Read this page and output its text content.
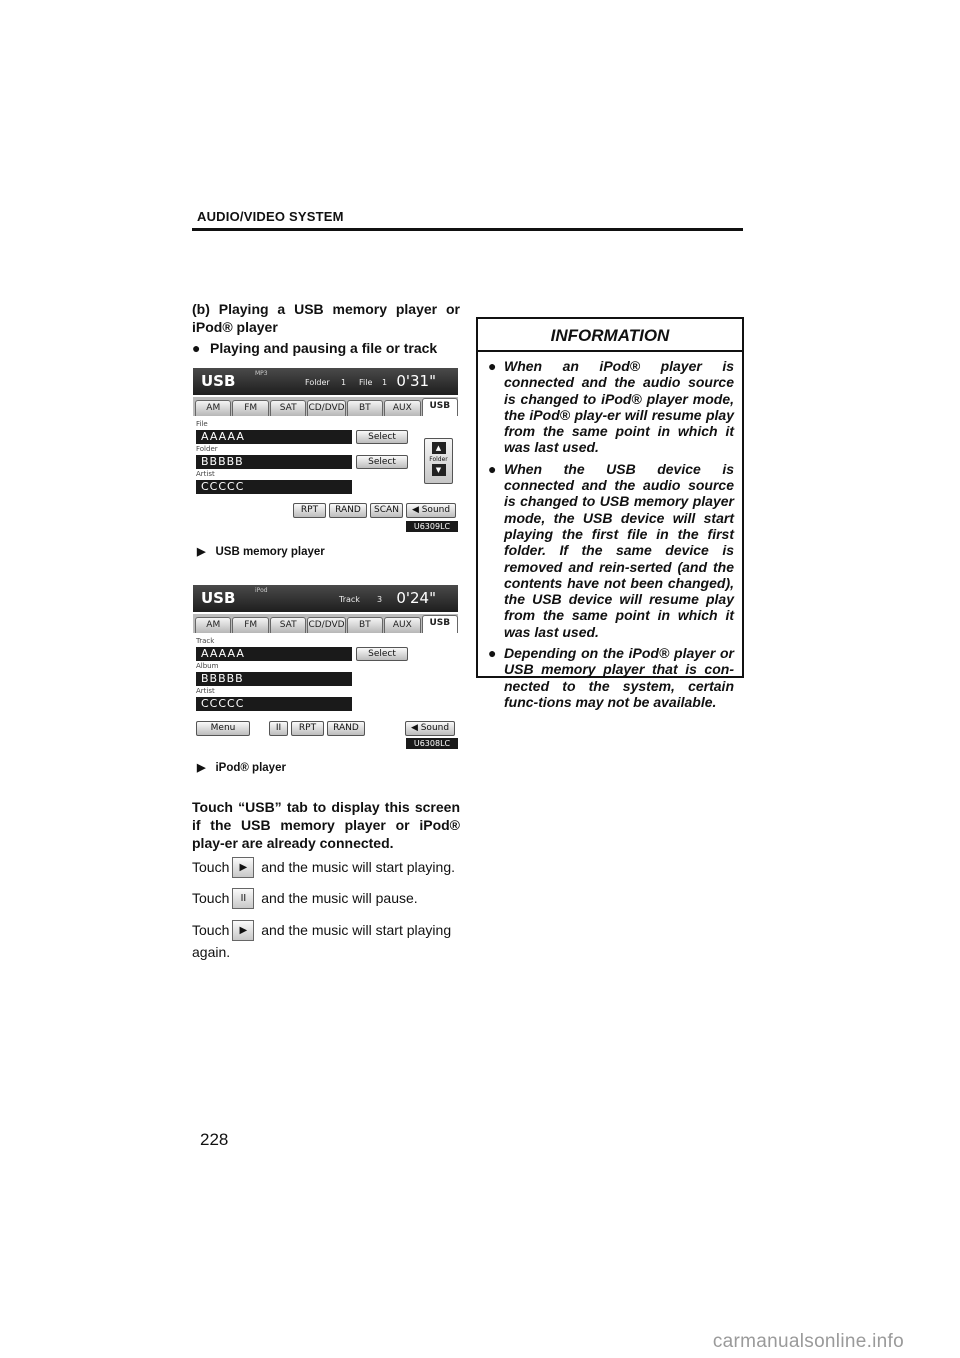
AUDIO/VIDEO SYSTEM
(b) Playing a USB memory player or iPod® player
● Playing and pausing a file or track
USB	MP3
Folder 1 File 1 0'31"
AM	FM	SAT	CD/DVD	BT	AUX	USB
File
AAAAA	Select
Folder
BBBBB	Select
Artist
CCCCC
▲
Folder
▼
RPT	RAND	SCAN	◀ Sound
U6309LC
▶ USB memory player
USB	iPod
Track 3 0'24"
AM	FM	SAT	CD/DVD	BT	AUX	USB
Track
AAAAA	Select
Album
BBBBB
Artist
CCCCC
Menu	II	RPT	RAND	◀ Sound
U6308LC
▶ iPod® player
Touch “USB” tab to display this screen if the USB memory player or iPod® play-er are already connected.
Touch ▶ and the music will start playing.
Touch II and the music will pause.
Touch ▶ and the music will start playing again.
INFORMATION
● When an iPod® player is connected and the audio source is changed to iPod® player mode, the iPod® play-er will resume play from the same point in which it was last used.
● When the USB device is connected and the audio source is changed to USB memory player mode, the USB device will start playing the first file in the first folder. If the same device is removed and rein-serted (and the contents have not been changed), the USB device will resume play from the same point in which it was last used.
● Depending on the iPod® player or USB memory player that is con-nected to the system, certain func-tions may not be available.
228
carmanualsonline.info
